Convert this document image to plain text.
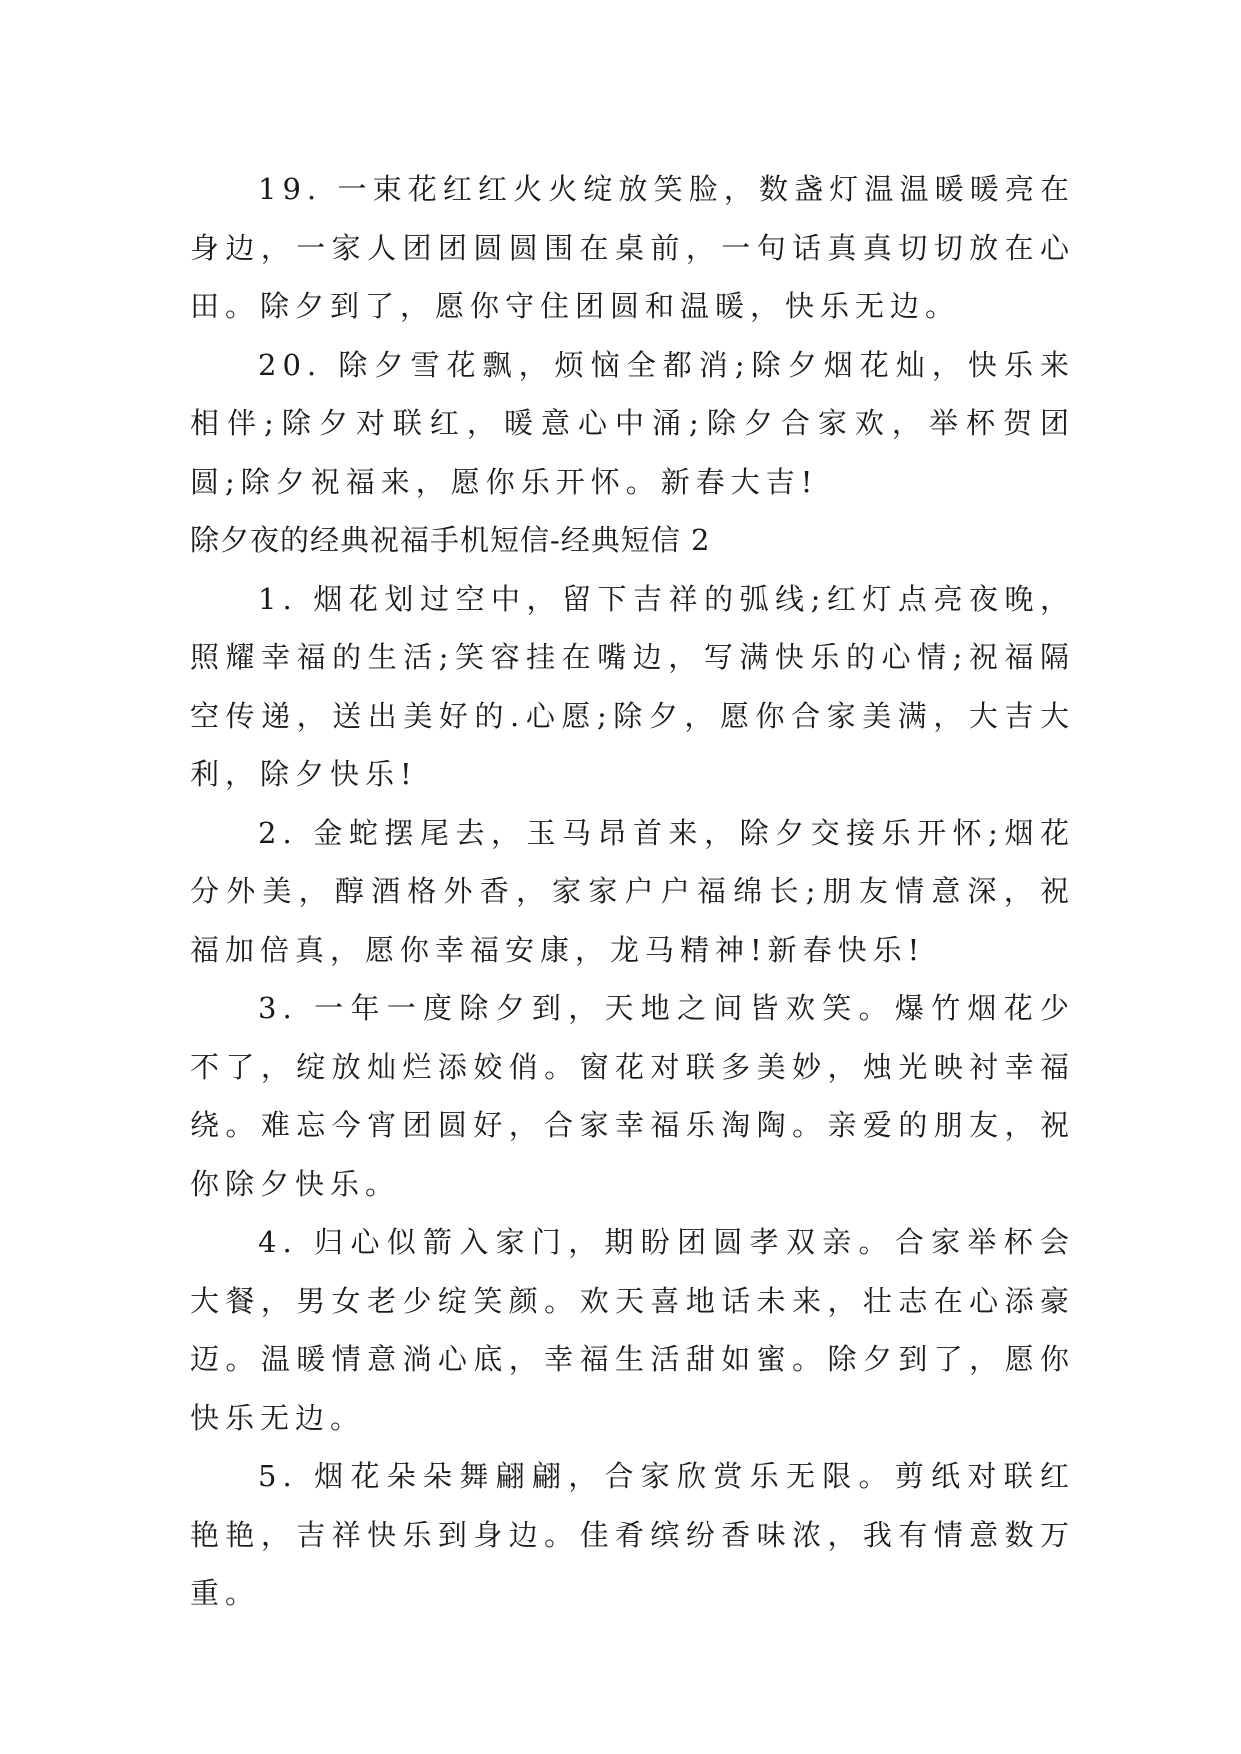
19. 一束花红红火火绽放笑脸，数盏灯温温暖暖亮在身边，一家人团团圆圆围在桌前，一句话真真切切放在心田。除夕到了，愿你守住团圆和温暖，快乐无边。

20. 除夕雪花飘，烦恼全都消;除夕烟花灿，快乐来相伴;除夕对联红，暖意心中涌;除夕合家欢，举杯贺团圆;除夕祝福来，愿你乐开怀。新春大吉!

除夕夜的经典祝福手机短信-经典短信 2

1. 烟花划过空中，留下吉祥的弧线;红灯点亮夜晚，照耀幸福的生活;笑容挂在嘴边，写满快乐的心情;祝福隔空传递，送出美好的.心愿;除夕，愿你合家美满，大吉大利，除夕快乐!

2. 金蛇摆尾去，玉马昂首来，除夕交接乐开怀;烟花分外美，醇酒格外香，家家户户福绵长;朋友情意深，祝福加倍真，愿你幸福安康，龙马精神!新春快乐!

3. 一年一度除夕到，天地之间皆欢笑。爆竹烟花少不了，绽放灿烂添姣俏。窗花对联多美妙，烛光映衬幸福绕。难忘今宵团圆好，合家幸福乐淘陶。亲爱的朋友，祝你除夕快乐。

4. 归心似箭入家门，期盼团圆孝双亲。合家举杯会大餐，男女老少绽笑颜。欢天喜地话未来，壮志在心添豪迈。温暖情意淌心底，幸福生活甜如蜜。除夕到了，愿你快乐无边。

5. 烟花朵朵舞翩翩，合家欣赏乐无限。剪纸对联红艳艳，吉祥快乐到身边。佳肴缤纷香味浓，我有情意数万重。
